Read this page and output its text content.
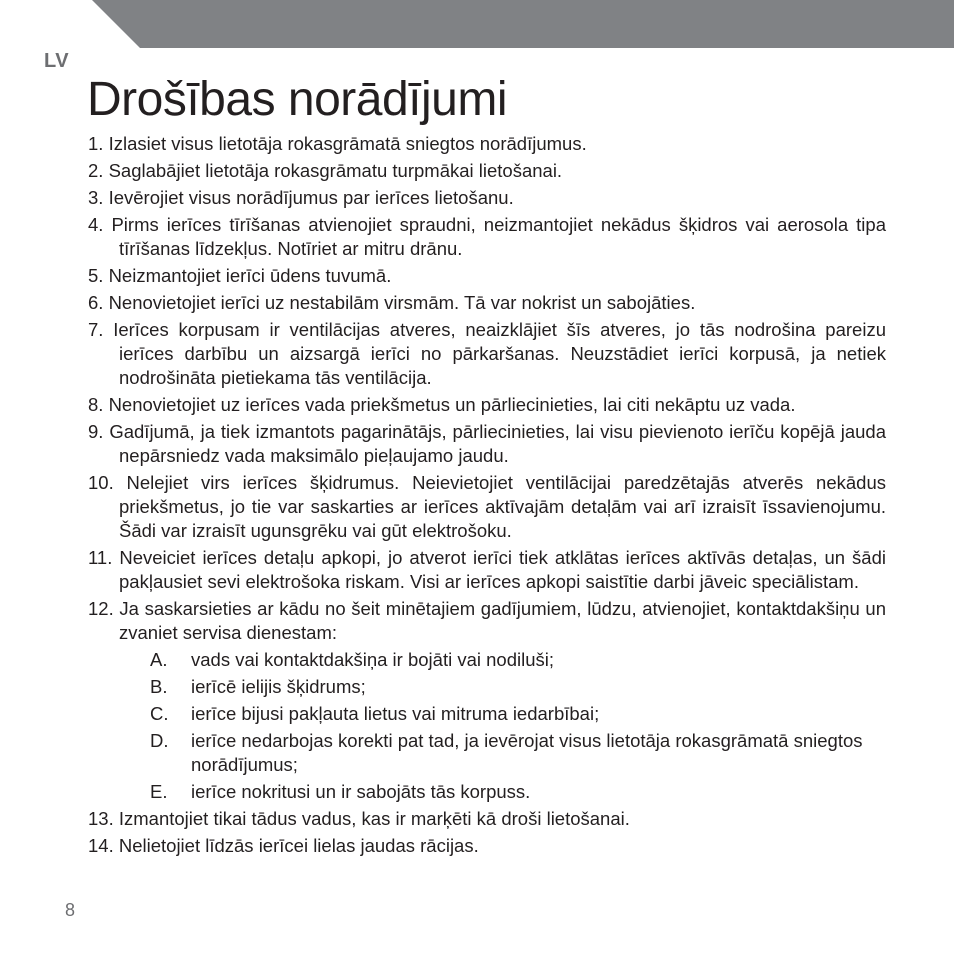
LV
Drošības norādījumi
1. Izlasiet visus lietotāja rokasgrāmatā sniegtos norādījumus.
2. Saglabājiet lietotāja rokasgrāmatu turpmākai lietošanai.
3. Ievērojiet visus norādījumus par ierīces lietošanu.
4. Pirms ierīces tīrīšanas atvienojiet spraudni, neizmantojiet nekādus šķidros vai aerosola tipa tīrīšanas līdzekļus. Notīriet ar mitru drānu.
5. Neizmantojiet ierīci ūdens tuvumā.
6. Nenovietojiet ierīci uz nestabilām virsmām. Tā var nokrist un sabojāties.
7. Ierīces korpusam ir ventilācijas atveres, neaizklājiet šīs atveres, jo tās nodrošina pareizu ierīces darbību un aizsargā ierīci no pārkaršanas. Neuzstādiet ierīci korpusā, ja netiek nodrošināta pietiekama tās ventilācija.
8. Nenovietojiet uz ierīces vada priekšmetus un pārliecinieties, lai citi nekāptu uz vada.
9. Gadījumā, ja tiek izmantots pagarinātājs, pārliecinieties, lai visu pievienoto ierīču kopējā jauda nepārsniedz vada maksimālo pieļaujamo jaudu.
10. Nelejiet virs ierīces šķidrumus. Neievietojiet ventilācijai paredzētajās atverēs nekādus priekšmetus, jo tie var saskarties ar ierīces aktīvajām detaļām vai arī izraisīt īssavienojumu. Šādi var izraisīt ugunsgrēku vai gūt elektrošoku.
11. Neveiciet ierīces detaļu apkopi, jo atverot ierīci tiek atklātas ierīces aktīvās detaļas, un šādi pakļausiet sevi elektrošoka riskam. Visi ar ierīces apkopi saistītie darbi jāveic speciālistam.
12. Ja saskarsieties ar kādu no šeit minētajiem gadījumiem, lūdzu, atvienojiet, kontaktdakšiņu un zvaniet servisa dienestam:
A. vads vai kontaktdakšiņa ir bojāti vai nodiluši;
B. ierīcē ielijis šķidrums;
C. ierīce bijusi pakļauta lietus vai mitruma iedarbībai;
D. ierīce nedarbojas korekti pat tad, ja ievērojat visus lietotāja rokasgrāmatā sniegtos norādījumus;
E. ierīce nokritusi un ir sabojāts tās korpuss.
13. Izmantojiet tikai tādus vadus, kas ir marķēti kā droši lietošanai.
14. Nelietojiet līdzās ierīcei lielas jaudas rācijas.
8
